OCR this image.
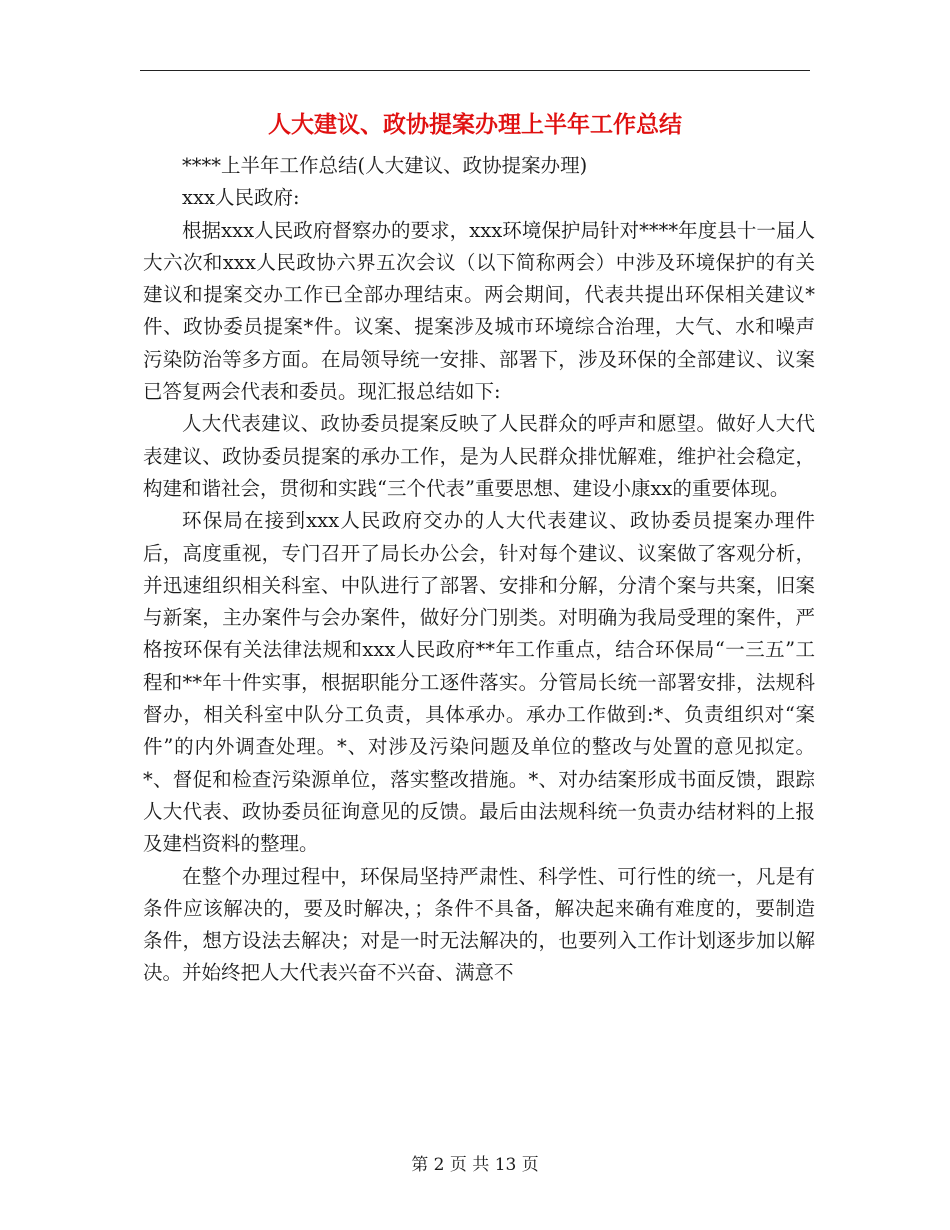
人大建议、政协提案办理上半年工作总结

****上半年工作总结(人大建议、政协提案办理)

xxx人民政府:

根据xxx人民政府督察办的要求，xxx环境保护局针对****年度县十一届人大六次和xxx人民政协六界五次会议（以下简称两会）中涉及环境保护的有关建议和提案交办工作已全部办理结束。两会期间，代表共提出环保相关建议*件、政协委员提案*件。议案、提案涉及城市环境综合治理，大气、水和噪声污染防治等多方面。在局领导统一安排、部署下，涉及环保的全部建议、议案已答复两会代表和委员。现汇报总结如下:

人大代表建议、政协委员提案反映了人民群众的呼声和愿望。做好人大代表建议、政协委员提案的承办工作，是为人民群众排忧解难，维护社会稳定，构建和谐社会，贯彻和实践“三个代表”重要思想、建设小康xx的重要体现。

环保局在接到xxx人民政府交办的人大代表建议、政协委员提案办理件后，高度重视，专门召开了局长办公会，针对每个建议、议案做了客观分析，并迅速组织相关科室、中队进行了部署、安排和分解，分清个案与共案，旧案与新案，主办案件与会办案件，做好分门别类。对明确为我局受理的案件，严格按环保有关法律法规和xxx人民政府**年工作重点，结合环保局“一三五”工程和**年十件实事，根据职能分工逐件落实。分管局长统一部署安排，法规科督办，相关科室中队分工负责，具体承办。承办工作做到:*、负责组织对“案件”的内外调查处理。*、对涉及污染问题及单位的整改与处置的意见拟定。*、督促和检查污染源单位，落实整改措施。*、对办结案形成书面反馈，跟踪人大代表、政协委员征询意见的反馈。最后由法规科统一负责办结材料的上报及建档资料的整理。

在整个办理过程中，环保局坚持严肃性、科学性、可行性的统一，凡是有条件应该解决的，要及时解决，；条件不具备，解决起来确有难度的，要制造条件，想方设法去解决；对是一时无法解决的，也要列入工作计划逐步加以解决。并始终把人大代表兴奋不兴奋、满意不

第 2 页 共 13 页
